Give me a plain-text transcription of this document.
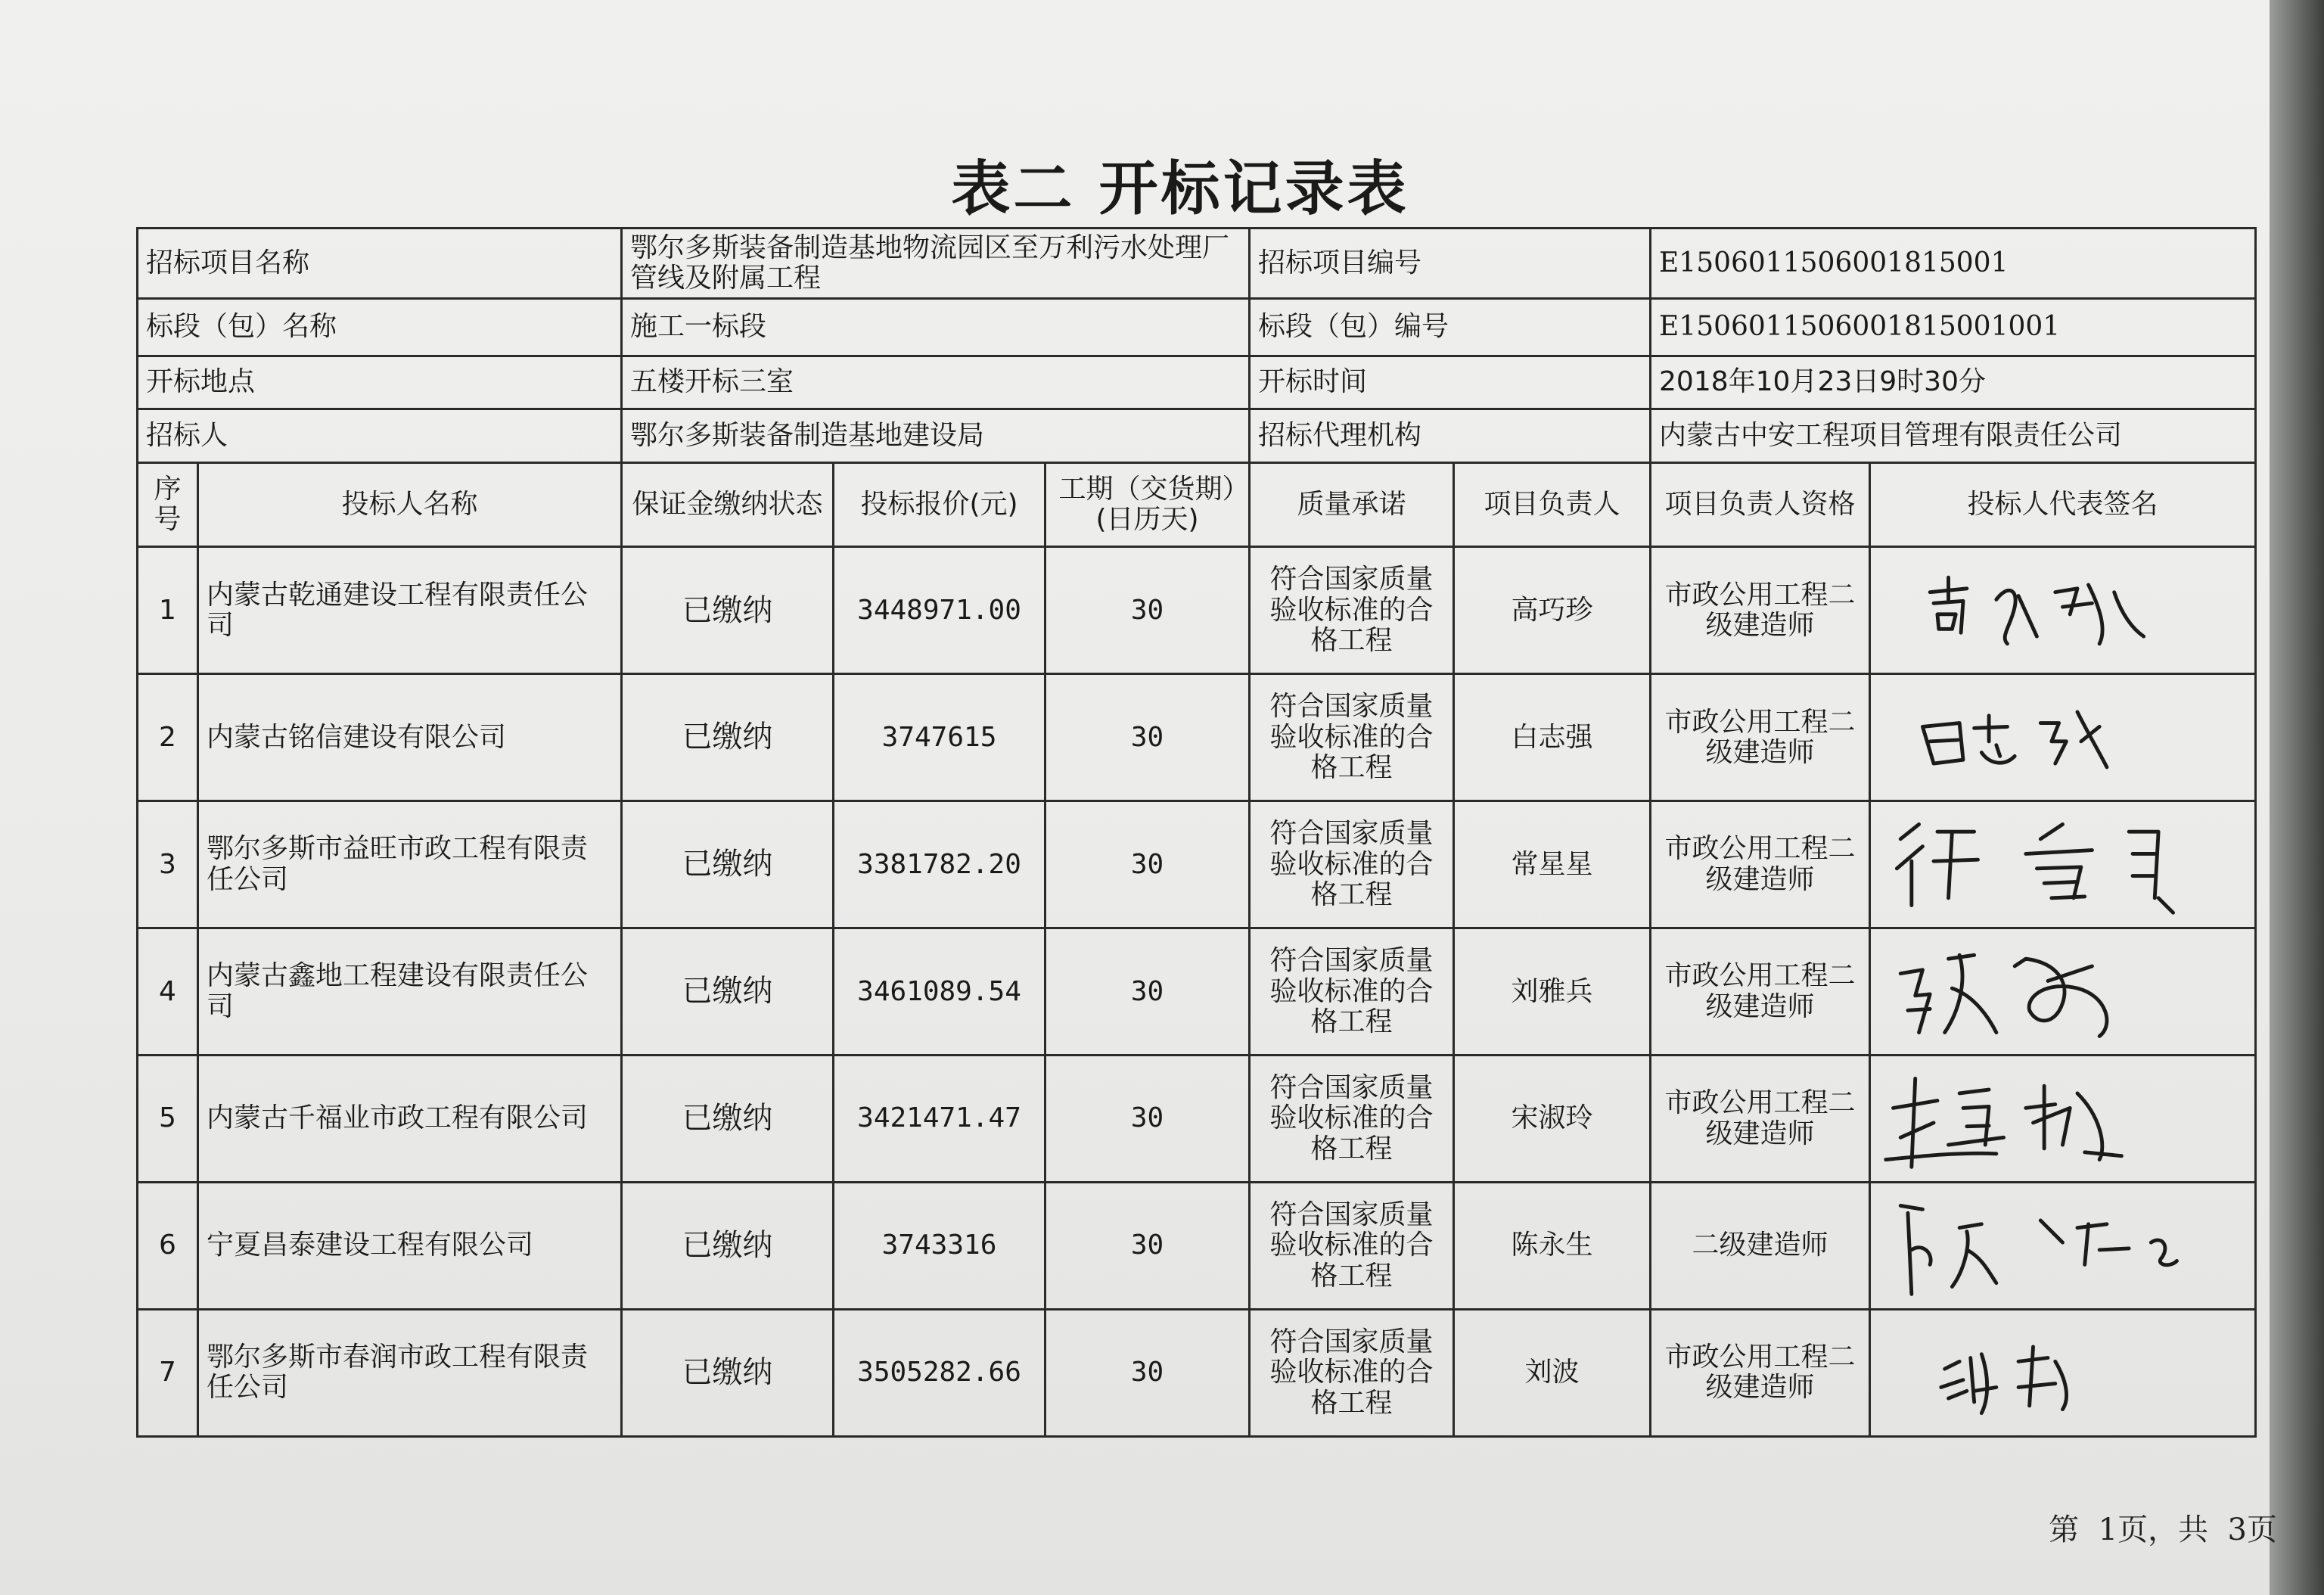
表二 开标记录表
招标项目名称		鄂尔多斯装备制造基地物流园区至万利污水处理厂管线及附属工程			招标项目编号		E1506011506001815001	
标段（包）名称		施工一标段			标段（包）编号		E1506011506001815001001	
开标地点		五楼开标三室			开标时间		2018年10月23日9时30分	
招标人		鄂尔多斯装备制造基地建设局			招标代理机构		内蒙古中安工程项目管理有限责任公司	
序号	投标人名称	保证金缴纳状态	投标报价(元)	工期（交货期）(日历天)	质量承诺	项目负责人	项目负责人资格	投标人代表签名
1	内蒙古乾通建设工程有限责任公司	已缴纳	3448971.00	30	符合国家质量验收标准的合格工程	高巧珍	市政公用工程二级建造师	

2	内蒙古铭信建设有限公司	已缴纳	3747615	30	符合国家质量验收标准的合格工程	白志强	市政公用工程二级建造师	

3	鄂尔多斯市益旺市政工程有限责任公司	已缴纳	3381782.20	30	符合国家质量验收标准的合格工程	常星星	市政公用工程二级建造师	

4	内蒙古鑫地工程建设有限责任公司	已缴纳	3461089.54	30	符合国家质量验收标准的合格工程	刘雅兵	市政公用工程二级建造师	

5	内蒙古千福业市政工程有限公司	已缴纳	3421471.47	30	符合国家质量验收标准的合格工程	宋淑玲	市政公用工程二级建造师	

6	宁夏昌泰建设工程有限公司	已缴纳	3743316	30	符合国家质量验收标准的合格工程	陈永生	二级建造师	

7	鄂尔多斯市春润市政工程有限责任公司	已缴纳	3505282.66	30	符合国家质量验收标准的合格工程	刘波	市政公用工程二级建造师	
第  1页，共  3页
